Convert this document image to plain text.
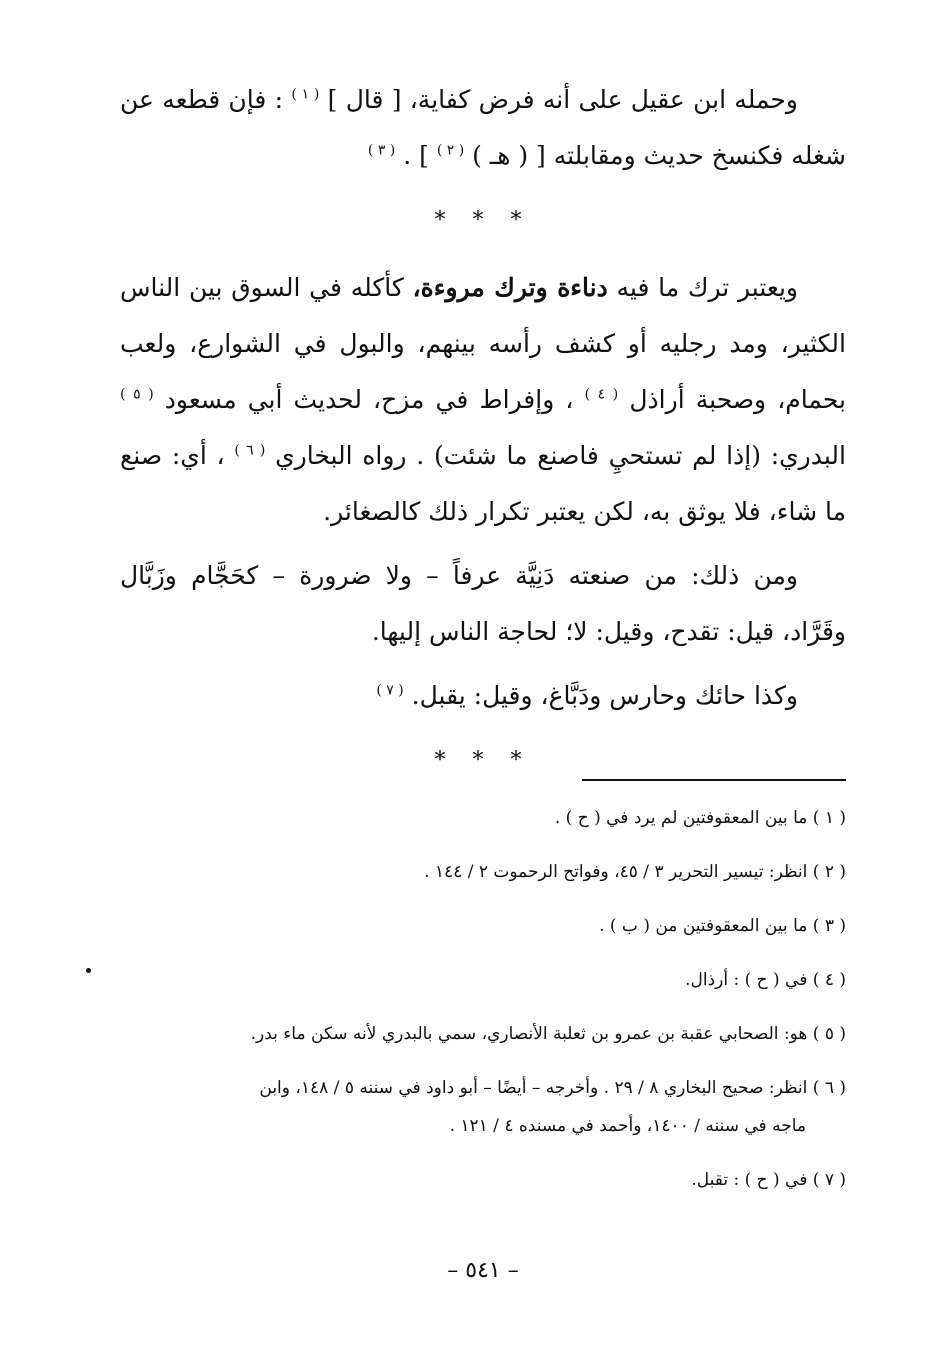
وحمله ابن عقيل على أنه فرض كفاية، [ قال ] $^{( ١ )}$ : فإن قطعه عن شغله فكنسخ حديث ومقابلته [ ( هـ ) $^{( ٢ )}$ ] . $^{( ٣ )}$

* * *

ويعتبر ترك ما فيه دناءة وترك مروءة، كأكله في السوق بين الناس الكثير، ومد رجليه أو كشف رأسه بينهم، والبول في الشوارع، ولعب بحمام، وصحبة أراذل $^{( ٤ )}$ ، وإفراط في مزح، لحديث أبي مسعود $^{( ٥ )}$ البدري: (إذا لم تستحيِ فاصنع ما شئت) . رواه البخاري $^{( ٦ )}$ ، أي: صنع ما شاء، فلا يوثق به، لكن يعتبر تكرار ذلك كالصغائر.

ومن ذلك: من صنعته دَنِيَّة عرفاً – ولا ضرورة – كحَجَّام وزَبَّال وقَرَّاد، قيل: تقدح، وقيل: لا؛ لحاجة الناس إليها.

وكذا حائك وحارس ودَبَّاغ، وقيل: يقبل. $^{( ٧ )}$

* * *

( ١ ) ما بين المعقوفتين لم يرد في ( ح ) .

( ٢ ) انظر: تيسير التحرير ٣ / ٤٥، وفواتح الرحموت ٢ / ١٤٤ .

( ٣ ) ما بين المعقوفتين من ( ب ) .

( ٤ ) في ( ح ) : أرذال.

( ٥ ) هو: الصحابي عقبة بن عمرو بن ثعلبة الأنصاري، سمي بالبدري لأنه سكن ماء بدر.

( ٦ ) انظر: صحيح البخاري ٨ / ٢٩ . وأخرجه – أيضًا – أبو داود في سننه ٥ / ١٤٨، وابن
ماجه في سننه / ١٤٠٠، وأحمد في مسنده ٤ / ١٢١ .

( ٧ ) في ( ح ) : تقبل.

– ٥٤١ –
